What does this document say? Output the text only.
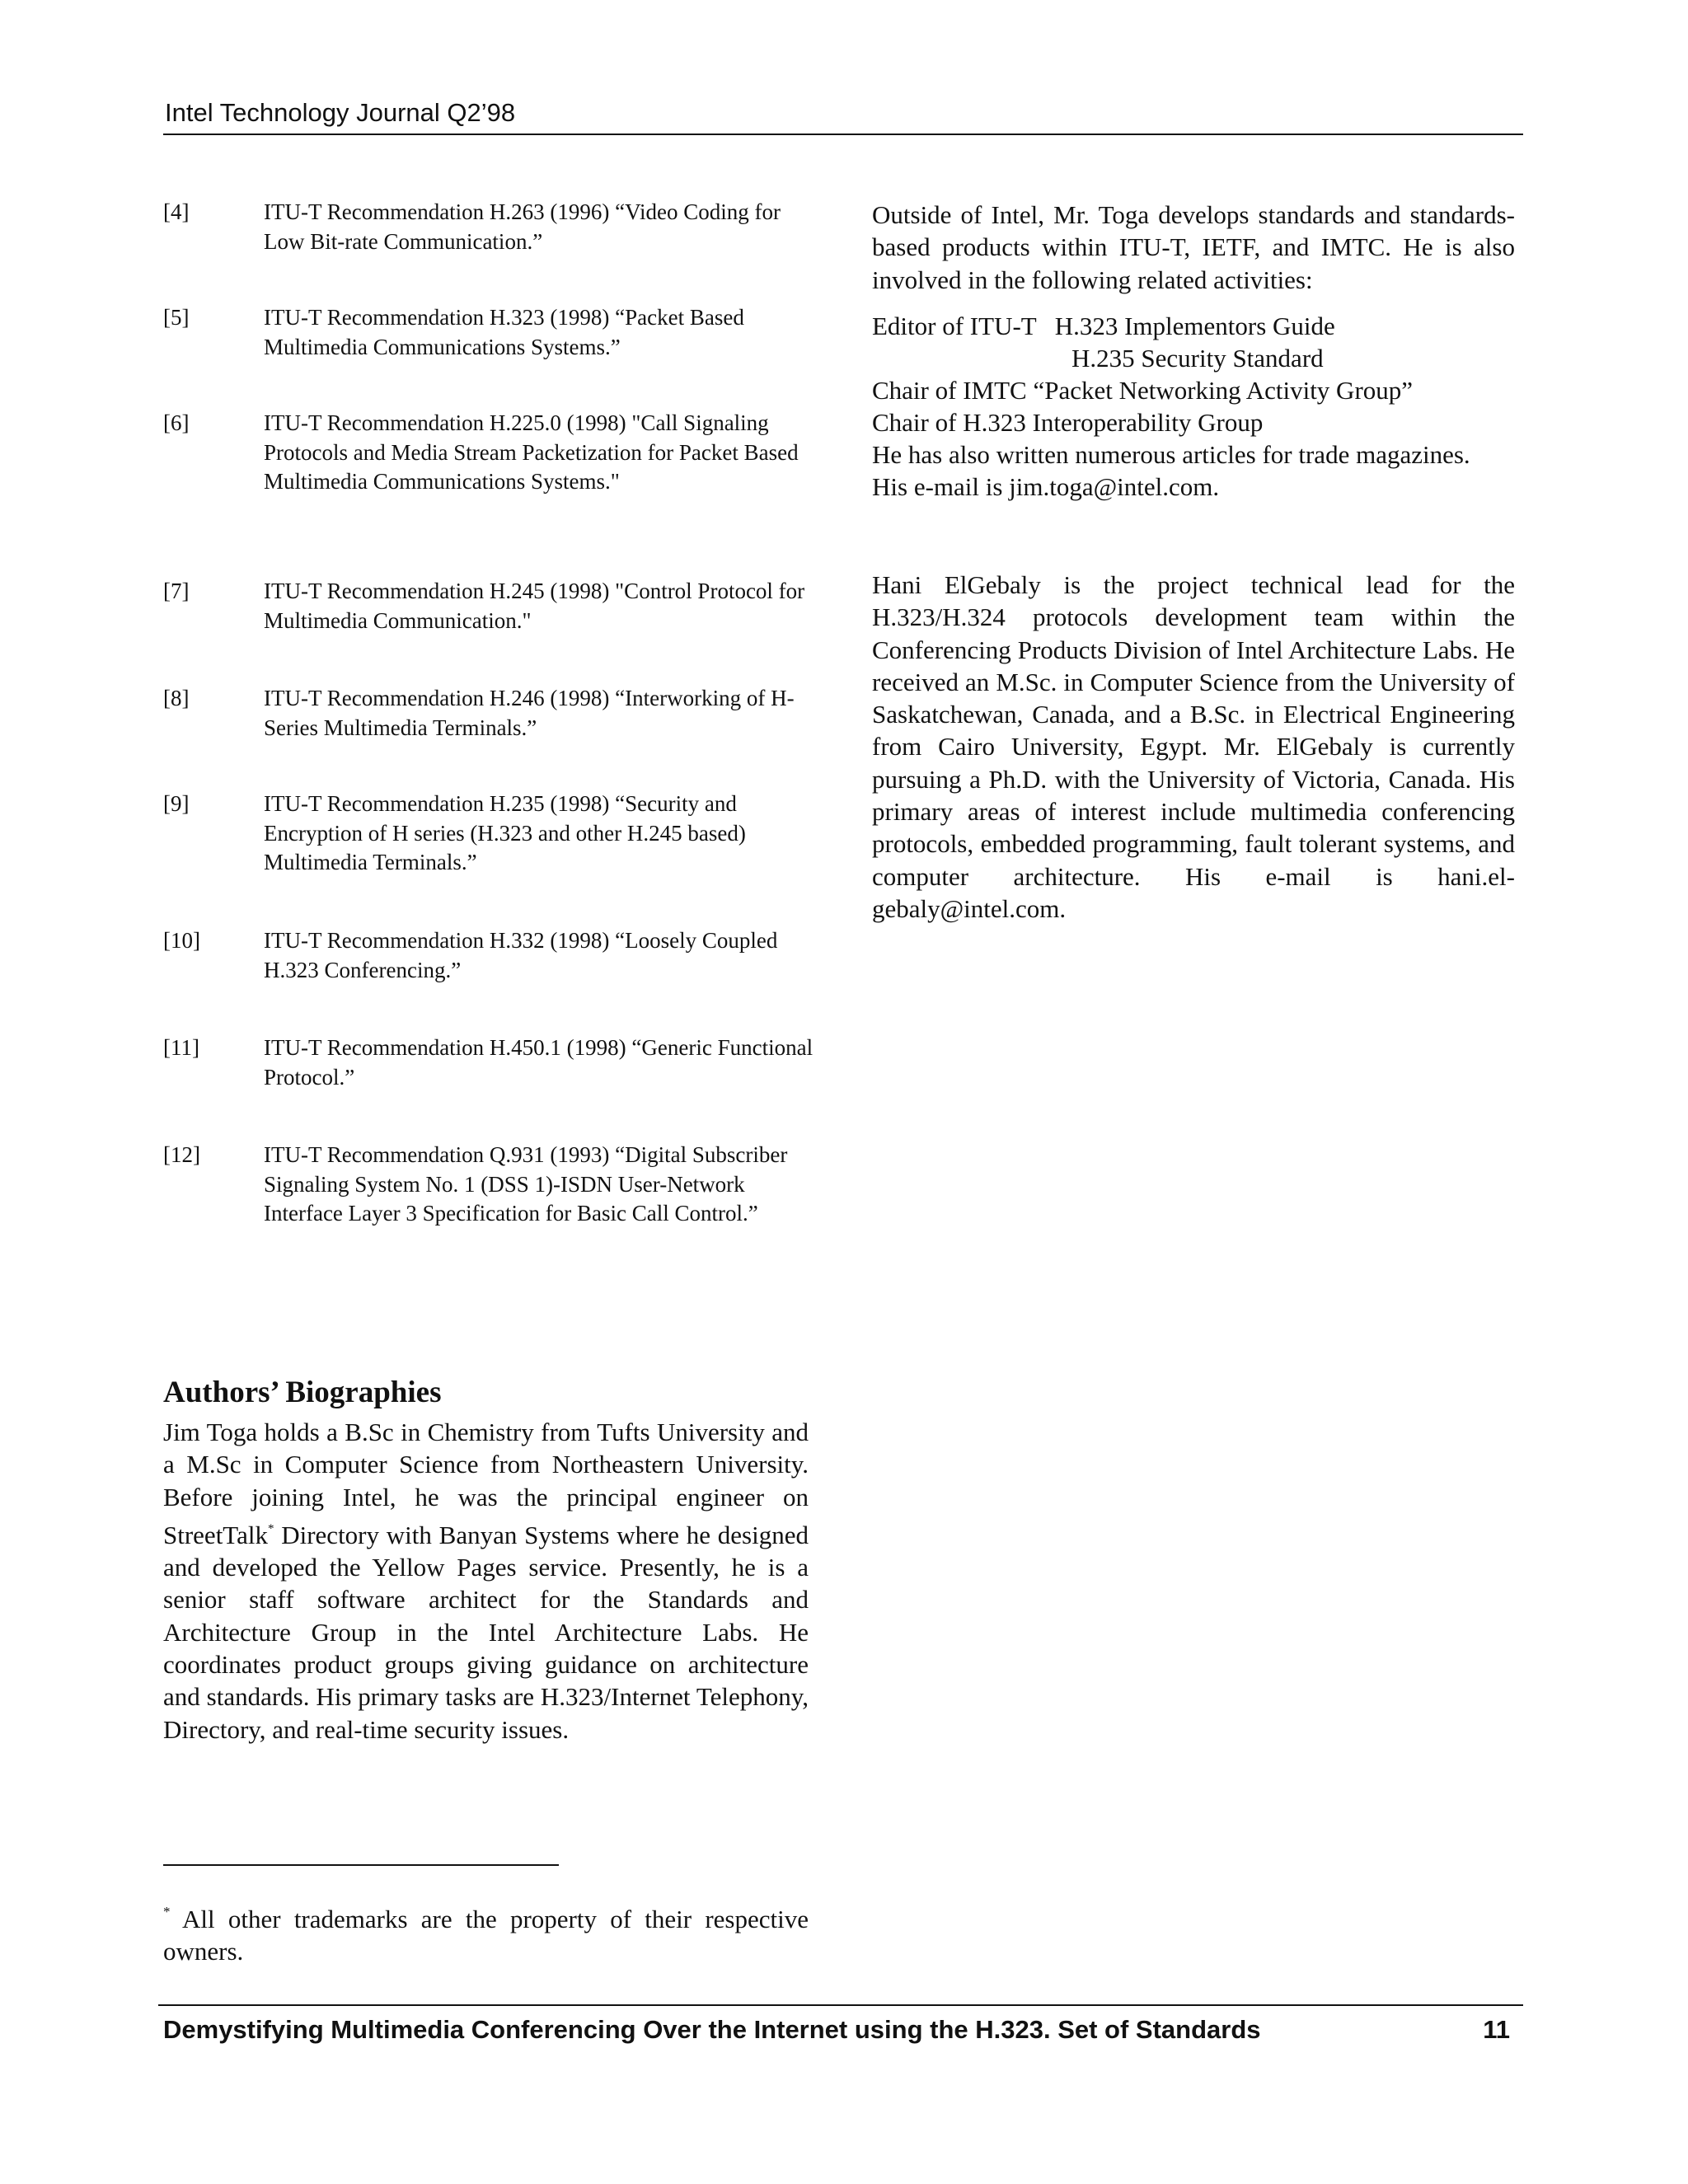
Intel Technology Journal Q2’98
[4]	ITU-T Recommendation H.263 (1996) “Video Coding for Low Bit-rate Communication.”
[5]	ITU-T Recommendation H.323 (1998) “Packet Based Multimedia Communications Systems.”
[6]	ITU-T Recommendation H.225.0 (1998) "Call Signaling Protocols and Media Stream Packetization for Packet Based Multimedia Communications Systems."
[7]	ITU-T Recommendation H.245 (1998) "Control Protocol for Multimedia Communication."
[8]	ITU-T Recommendation H.246 (1998) “Interworking of H-Series Multimedia Terminals.”
[9]	ITU-T Recommendation H.235 (1998) “Security and Encryption of H series (H.323 and other H.245 based) Multimedia Terminals.”
[10]	ITU-T Recommendation H.332 (1998) “Loosely Coupled H.323 Conferencing.”
[11]	ITU-T Recommendation H.450.1 (1998) “Generic Functional Protocol.”
[12]	ITU-T Recommendation Q.931 (1993) “Digital Subscriber Signaling System No. 1 (DSS 1)-ISDN User-Network Interface Layer 3 Specification for Basic Call Control.”
Authors’ Biographies
Jim Toga holds a B.Sc in Chemistry from Tufts University and a M.Sc in Computer Science from Northeastern University. Before joining Intel, he was the principal engineer on StreetTalk* Directory with Banyan Systems where he designed and developed the Yellow Pages service. Presently, he is a senior staff software architect for the Standards and Architecture Group in the Intel Architecture Labs. He coordinates product groups giving guidance on architecture and standards. His primary tasks are H.323/Internet Telephony, Directory, and real-time security issues.
Outside of Intel, Mr. Toga develops standards and standards-based products within ITU-T, IETF, and IMTC. He is also involved in the following related activities:
Editor of ITU-T H.323 Implementors Guide
H.235 Security Standard
Chair of IMTC “Packet Networking Activity Group”
Chair of H.323 Interoperability Group
He has also written numerous articles for trade magazines.
His e-mail is jim.toga@intel.com.
Hani ElGebaly is the project technical lead for the H.323/H.324 protocols development team within the Conferencing Products Division of Intel Architecture Labs. He received an M.Sc. in Computer Science from the University of Saskatchewan, Canada, and a B.Sc. in Electrical Engineering from Cairo University, Egypt. Mr. ElGebaly is currently pursuing a Ph.D. with the University of Victoria, Canada. His primary areas of interest include multimedia conferencing protocols, embedded programming, fault tolerant systems, and computer architecture. His e-mail is hani.el-gebaly@intel.com.
* All other trademarks are the property of their respective owners.
Demystifying Multimedia Conferencing Over the Internet using the H.323. Set of Standards	11
